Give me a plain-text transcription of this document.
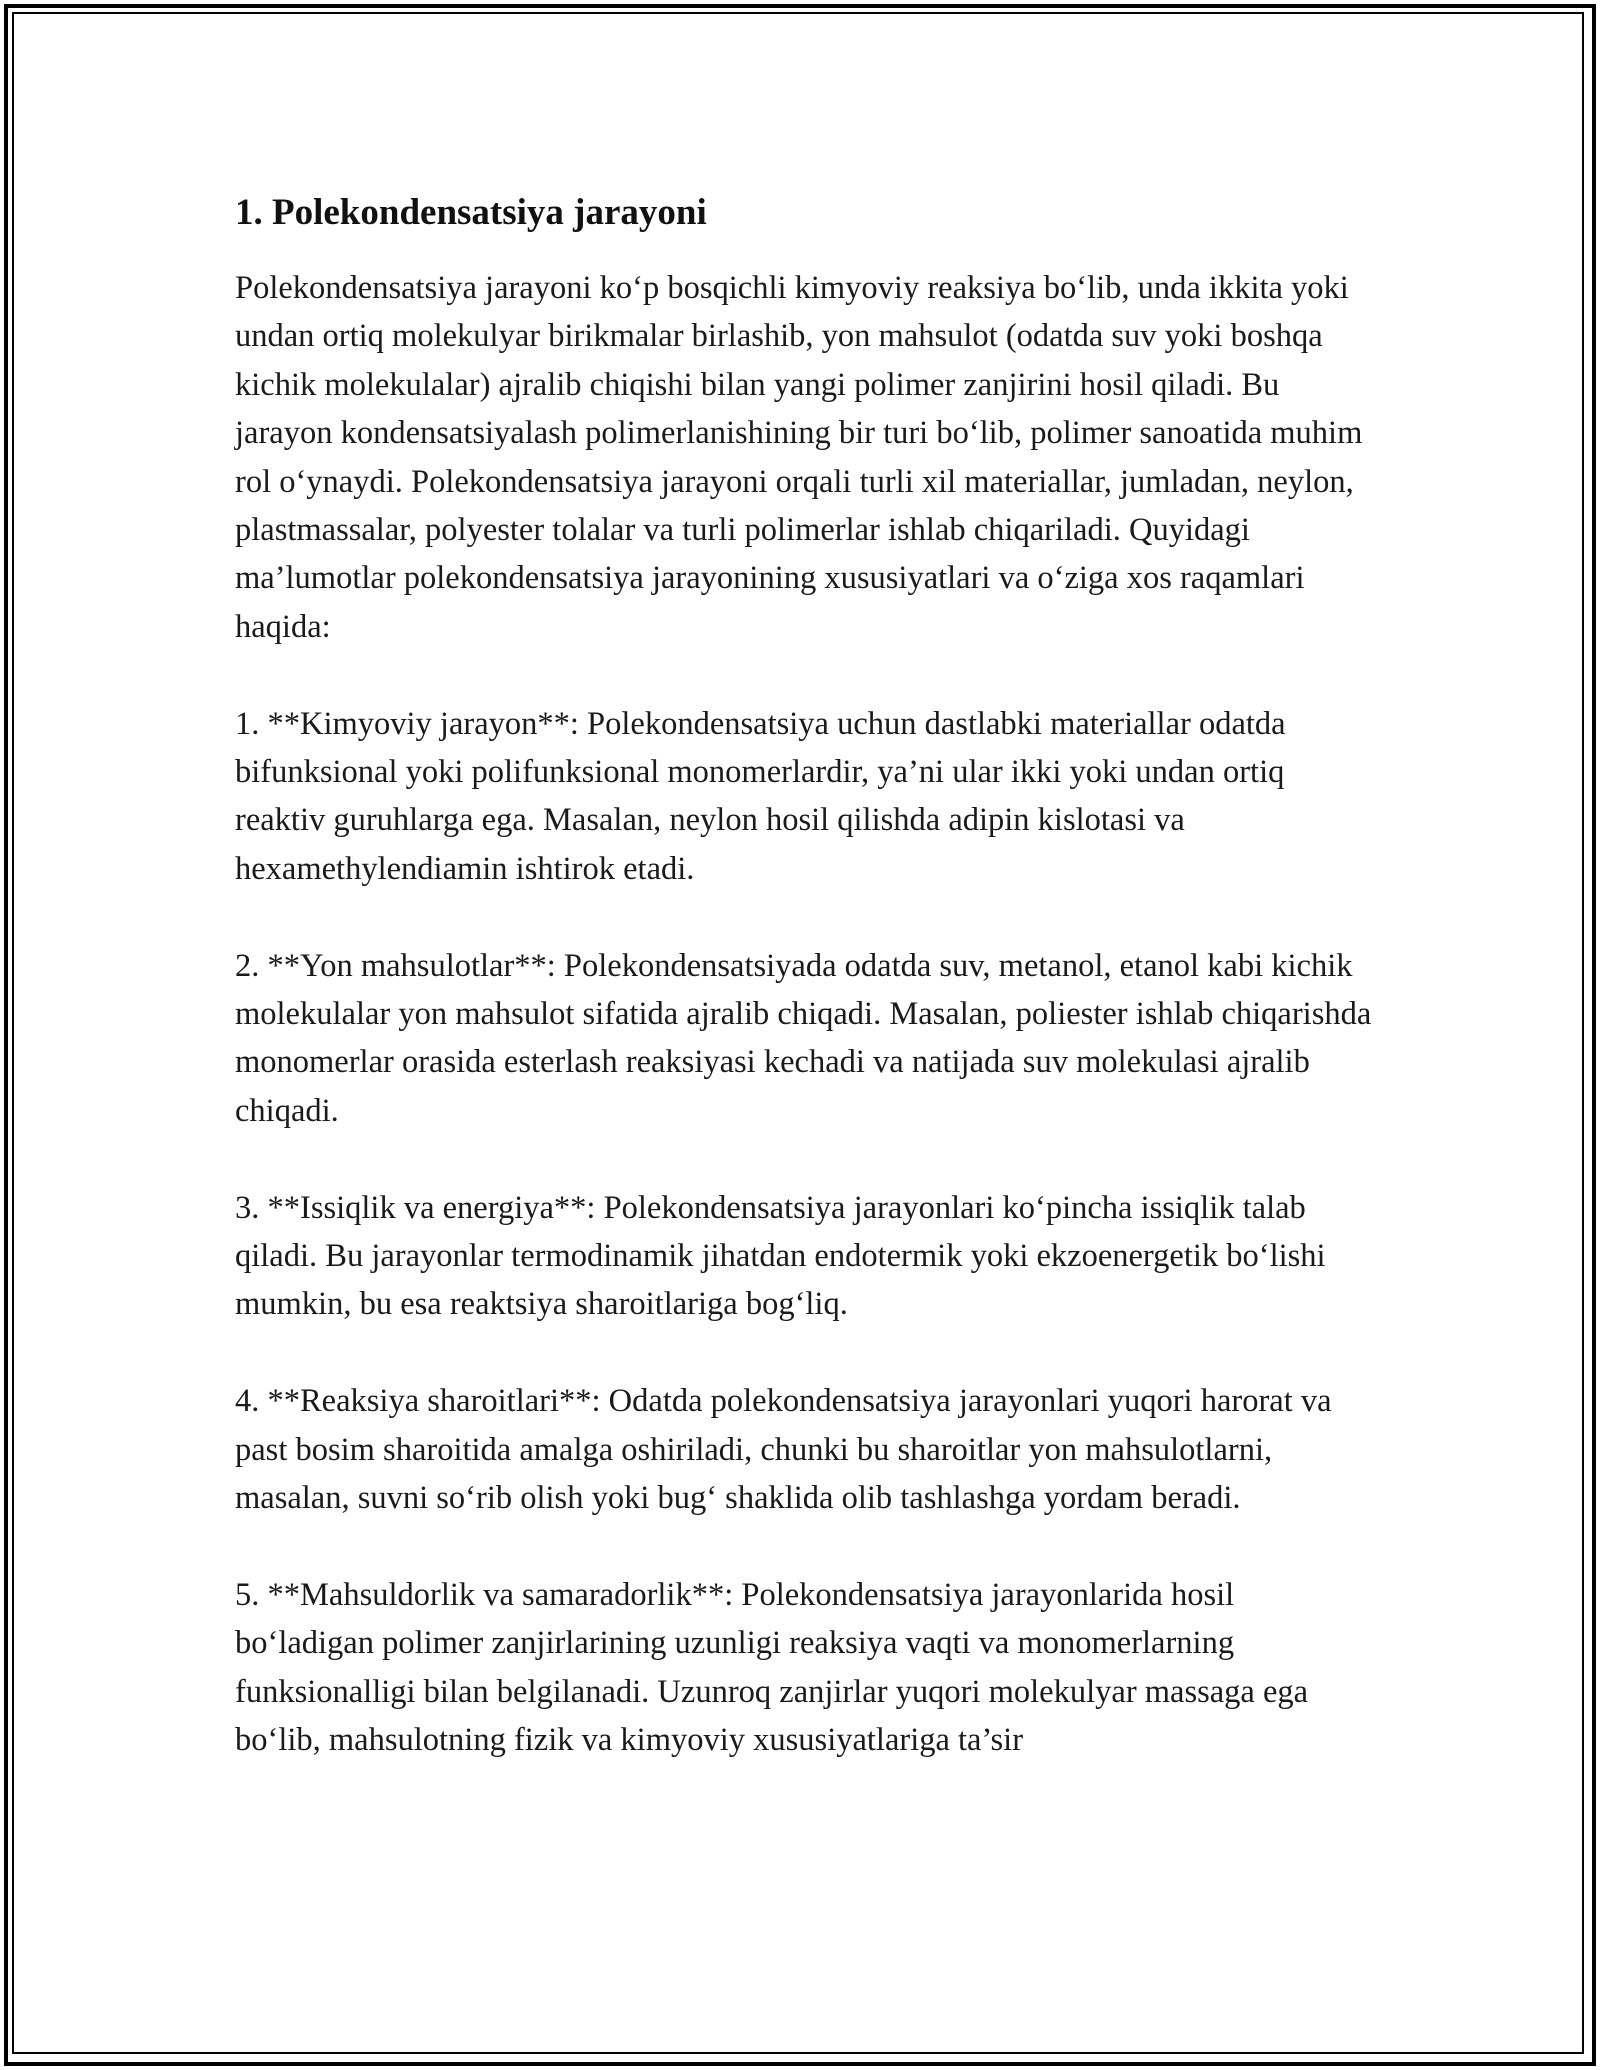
1. Polekondensatsiya jarayoni

Polekondensatsiya jarayoni ko‘p bosqichli kimyoviy reaksiya bo‘lib, unda ikkita yoki undan ortiq molekulyar birikmalar birlashib, yon mahsulot (odatda suv yoki boshqa kichik molekulalar) ajralib chiqishi bilan yangi polimer zanjirini hosil qiladi. Bu jarayon kondensatsiyalash polimerlanishining bir turi bo‘lib, polimer sanoatida muhim rol o‘ynaydi. Polekondensatsiya jarayoni orqali turli xil materiallar, jumladan, neylon, plastmassalar, polyester tolalar va turli polimerlar ishlab chiqariladi. Quyidagi ma’lumotlar polekondensatsiya jarayonining xususiyatlari va o‘ziga xos raqamlari haqida:

1. **Kimyoviy jarayon**: Polekondensatsiya uchun dastlabki materiallar odatda bifunksional yoki polifunksional monomerlardir, ya’ni ular ikki yoki undan ortiq reaktiv guruhlarga ega. Masalan, neylon hosil qilishda adipin kislotasi va hexamethylendiamin ishtirok etadi.

2. **Yon mahsulotlar**: Polekondensatsiyada odatda suv, metanol, etanol kabi kichik molekulalar yon mahsulot sifatida ajralib chiqadi. Masalan, poliester ishlab chiqarishda monomerlar orasida esterlash reaksiyasi kechadi va natijada suv molekulasi ajralib chiqadi.

3. **Issiqlik va energiya**: Polekondensatsiya jarayonlari ko‘pincha issiqlik talab qiladi. Bu jarayonlar termodinamik jihatdan endotermik yoki ekzoenergetik bo‘lishi mumkin, bu esa reaktsiya sharoitlariga bog‘liq.

4. **Reaksiya sharoitlari**: Odatda polekondensatsiya jarayonlari yuqori harorat va past bosim sharoitida amalga oshiriladi, chunki bu sharoitlar yon mahsulotlarni, masalan, suvni so‘rib olish yoki bug‘ shaklida olib tashlashga yordam beradi.

5. **Mahsuldorlik va samaradorlik**: Polekondensatsiya jarayonlarida hosil bo‘ladigan polimer zanjirlarining uzunligi reaksiya vaqti va monomerlarning funksionalligi bilan belgilanadi. Uzunroq zanjirlar yuqori molekulyar massaga ega bo‘lib, mahsulotning fizik va kimyoviy xususiyatlariga ta’sir
